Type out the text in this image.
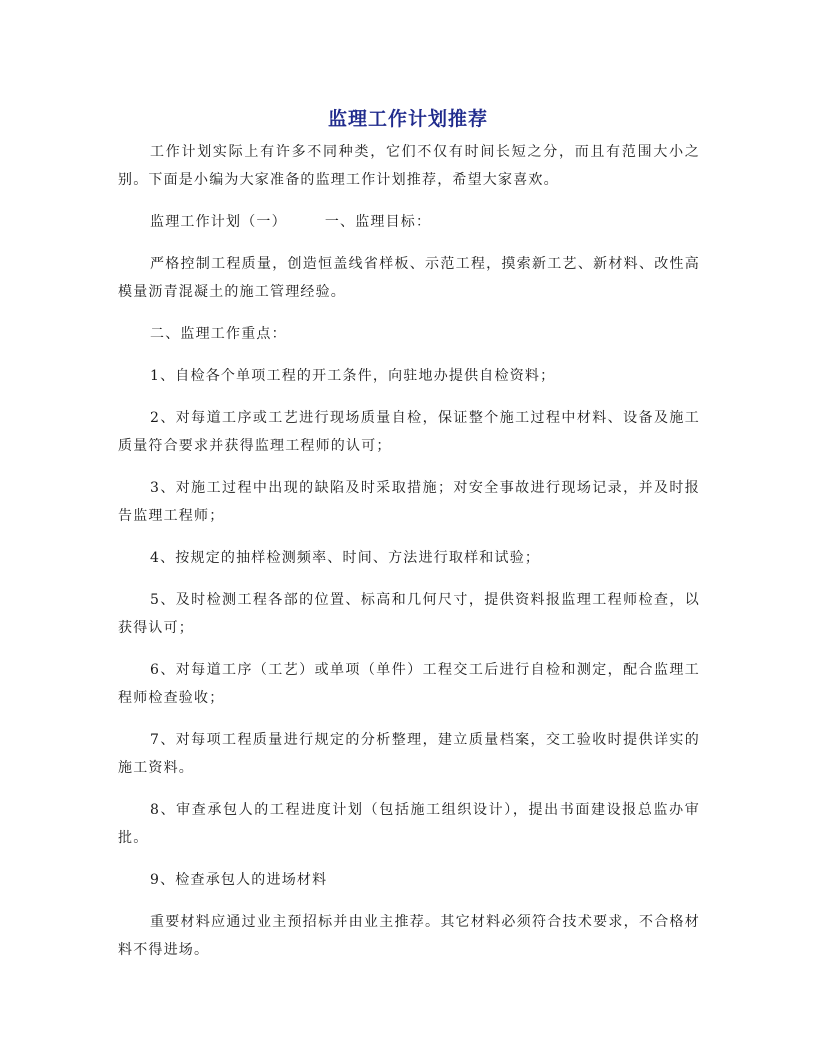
监理工作计划推荐

工作计划实际上有许多不同种类，它们不仅有时间长短之分，而且有范围大小之别。下面是小编为大家准备的监理工作计划推荐，希望大家喜欢。

监理工作计划（一）	一、监理目标：

严格控制工程质量，创造恒盖线省样板、示范工程，摸索新工艺、新材料、改性高模量沥青混凝土的施工管理经验。

二、监理工作重点：

1、自检各个单项工程的开工条件，向驻地办提供自检资料；

2、对每道工序或工艺进行现场质量自检，保证整个施工过程中材料、设备及施工质量符合要求并获得监理工程师的认可；

3、对施工过程中出现的缺陷及时采取措施；对安全事故进行现场记录，并及时报告监理工程师；

4、按规定的抽样检测频率、时间、方法进行取样和试验；

5、及时检测工程各部的位置、标高和几何尺寸，提供资料报监理工程师检查，以获得认可；

6、对每道工序（工艺）或单项（单件）工程交工后进行自检和测定，配合监理工程师检查验收；

7、对每项工程质量进行规定的分析整理，建立质量档案，交工验收时提供详实的施工资料。

8、审查承包人的工程进度计划（包括施工组织设计），提出书面建设报总监办审批。

9、检查承包人的进场材料

重要材料应通过业主预招标并由业主推荐。其它材料必须符合技术要求，不合格材料不得进场。
